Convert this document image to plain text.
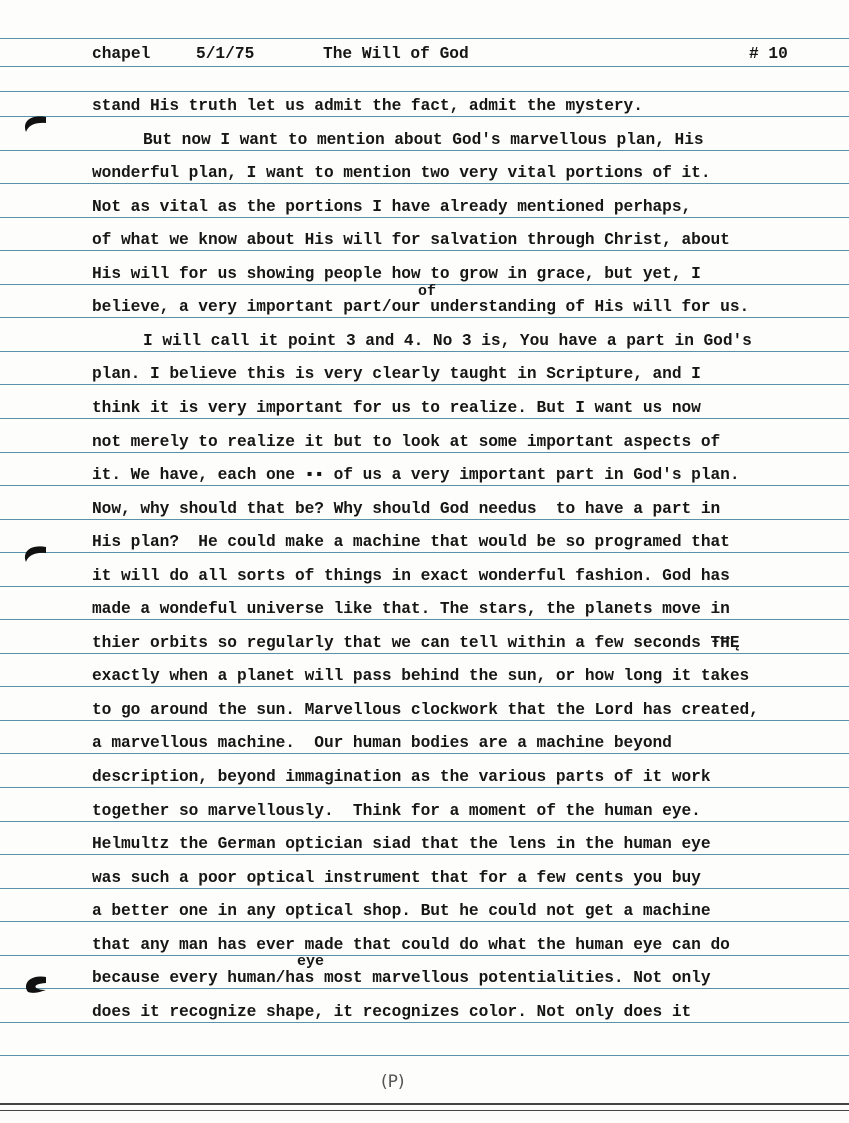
chapel	5/1/75	The Will of God	# 10
stand His truth let us admit the fact, admit the mystery.
But now I want to mention about God's marvellous plan, His
wonderful plan, I want to mention two very vital portions of it.
Not as vital as the portions I have already mentioned perhaps,
of what we know about His will for salvation through Christ, about
His will for us showing people how to grow in grace, but yet, I
believe, a very important part/our understanding of His will for us.
I will call it point 3 and 4. No 3 is, You have a part in God's
plan. I believe this is very clearly taught in Scripture, and I
think it is very important for us to realize. But I want us now
not merely to realize it but to look at some important aspects of
it. We have, each one ▪▪ of us a very important part in God's plan.
Now, why should that be? Why should God needus  to have a part in
His plan?  He could make a machine that would be so programed that
it will do all sorts of things in exact wonderful fashion. God has
made a wondeful universe like that. The stars, the planets move in
thier orbits so regularly that we can tell within a few seconds ŦĦĘ
exactly when a planet will pass behind the sun, or how long it takes
to go around the sun. Marvellous clockwork that the Lord has created,
a marvellous machine.  Our human bodies are a machine beyond
description, beyond immagination as the various parts of it work
together so marvellously.  Think for a moment of the human eye.
Helmultz the German optician siad that the lens in the human eye
was such a poor optical instrument that for a few cents you buy
a better one in any optical shop. But he could not get a machine
that any man has ever made that could do what the human eye can do
because every human/has most marvellous potentialities. Not only
does it recognize shape, it recognizes color. Not only does it
of
eye
(P)
